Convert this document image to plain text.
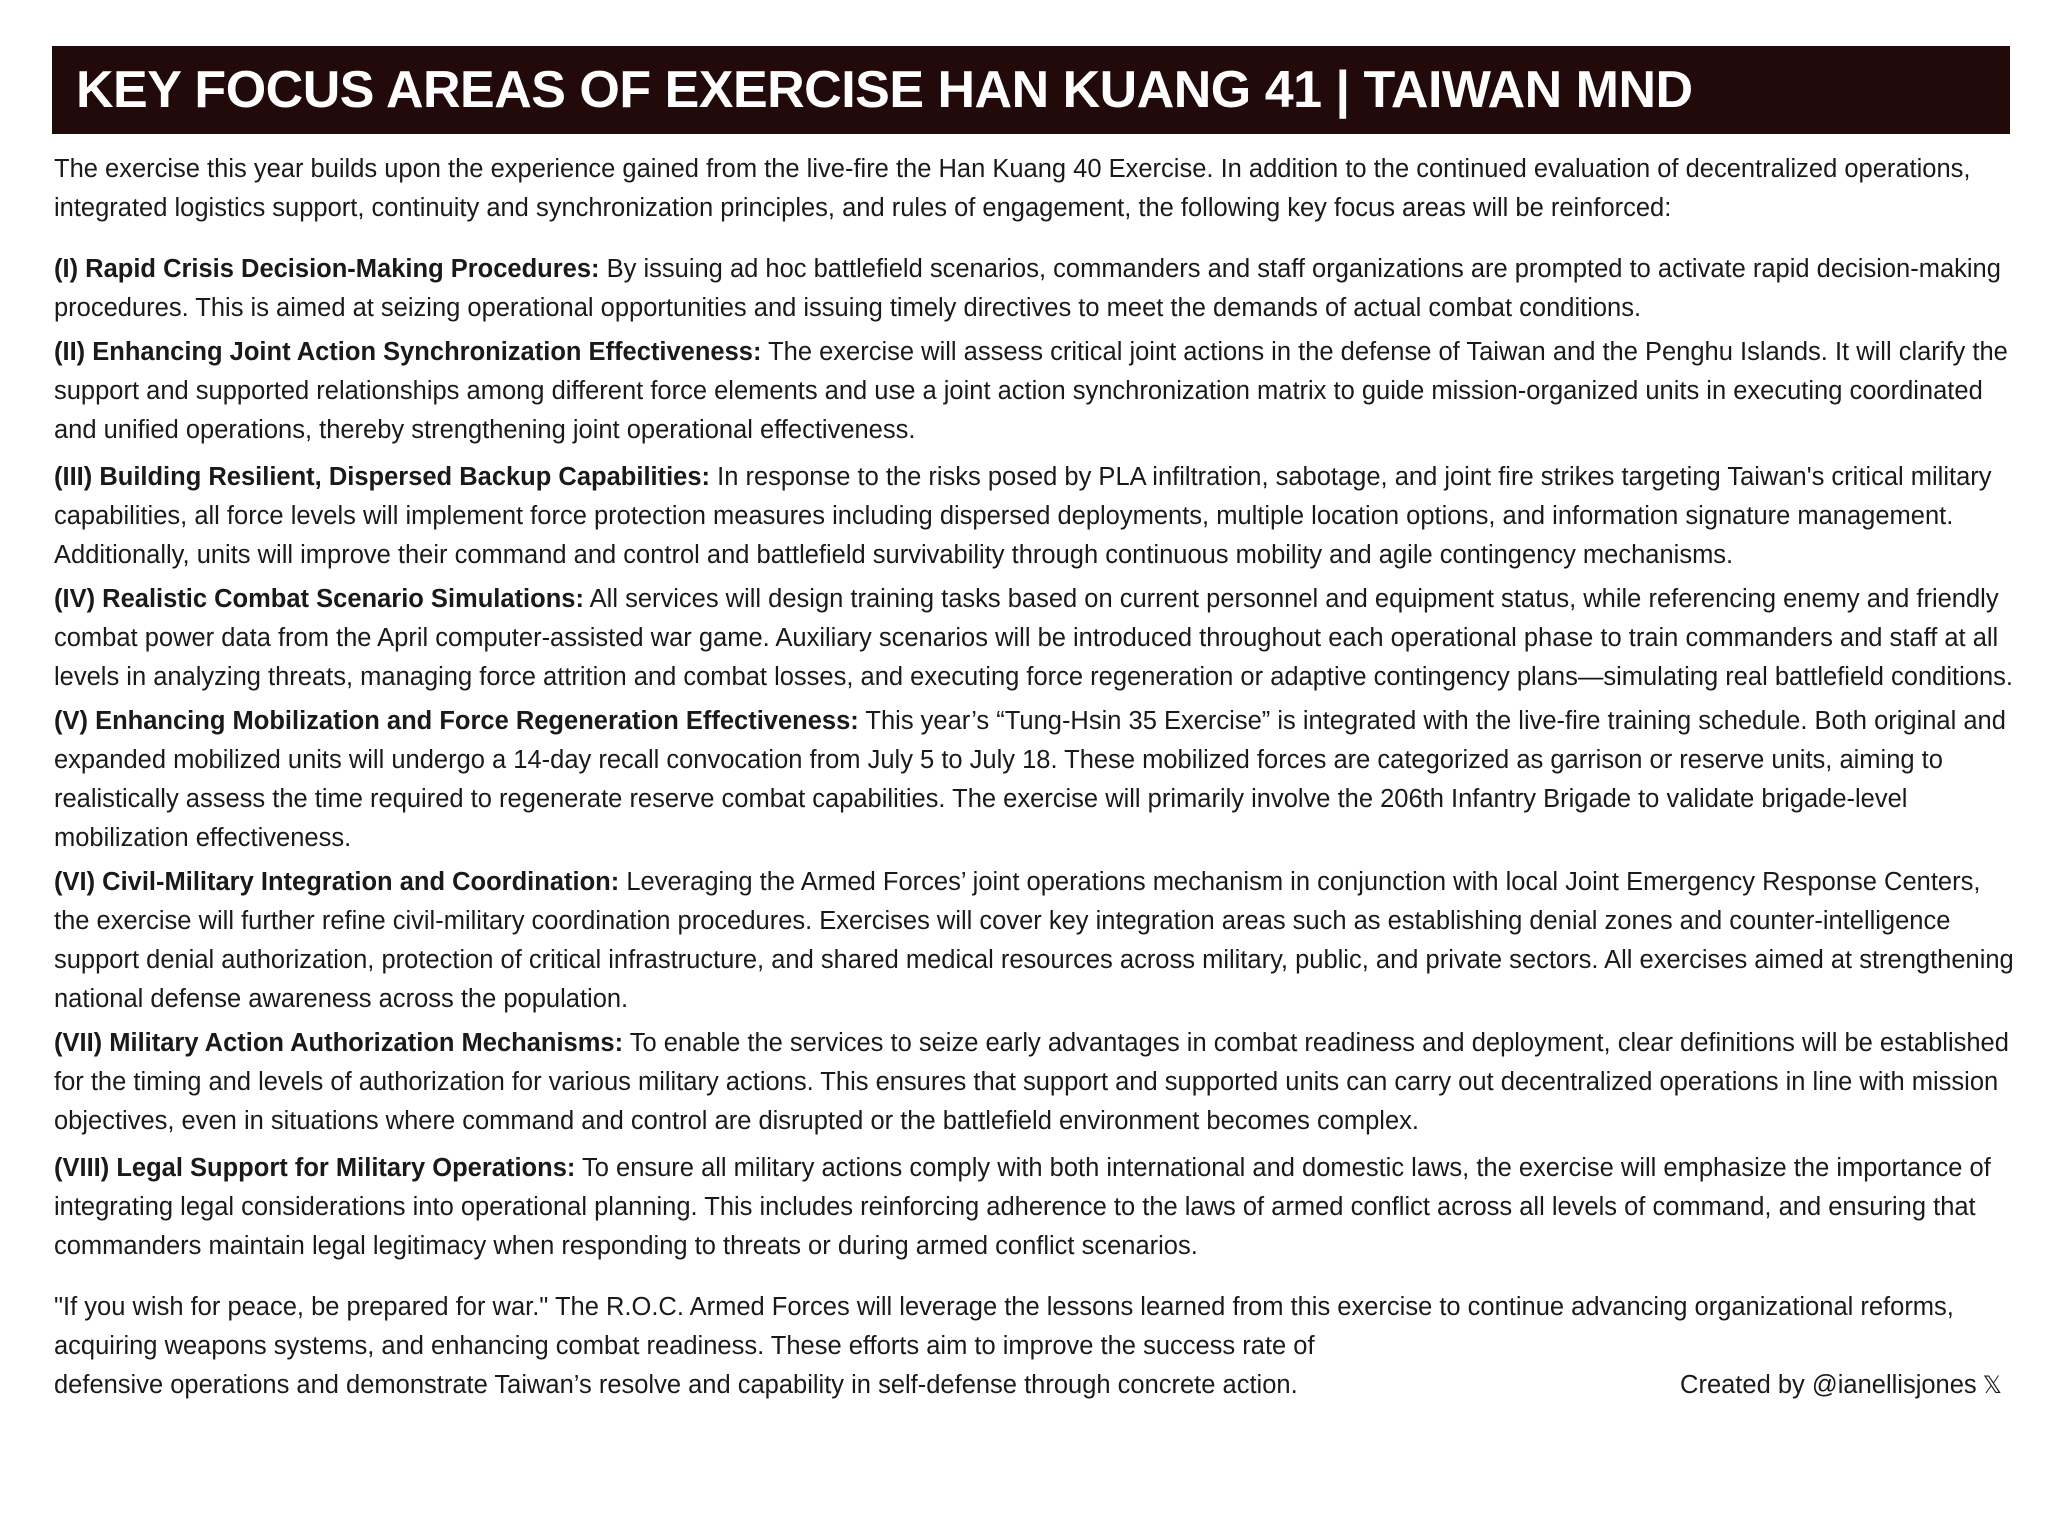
KEY FOCUS AREAS OF EXERCISE HAN KUANG 41 | TAIWAN MND

The exercise this year builds upon the experience gained from the live-fire the Han Kuang 40 Exercise. In addition to the continued evaluation of decentralized operations, integrated logistics support, continuity and synchronization principles, and rules of engagement, the following key focus areas will be reinforced:

(I) Rapid Crisis Decision-Making Procedures: By issuing ad hoc battlefield scenarios, commanders and staff organizations are prompted to activate rapid decision-making procedures. This is aimed at seizing operational opportunities and issuing timely directives to meet the demands of actual combat conditions.

(II) Enhancing Joint Action Synchronization Effectiveness: The exercise will assess critical joint actions in the defense of Taiwan and the Penghu Islands. It will clarify the support and supported relationships among different force elements and use a joint action synchronization matrix to guide mission-organized units in executing coordinated and unified operations, thereby strengthening joint operational effectiveness.

(III) Building Resilient, Dispersed Backup Capabilities: In response to the risks posed by PLA infiltration, sabotage, and joint fire strikes targeting Taiwan's critical military capabilities, all force levels will implement force protection measures including dispersed deployments, multiple location options, and information signature management. Additionally, units will improve their command and control and battlefield survivability through continuous mobility and agile contingency mechanisms.

(IV) Realistic Combat Scenario Simulations: All services will design training tasks based on current personnel and equipment status, while referencing enemy and friendly combat power data from the April computer-assisted war game. Auxiliary scenarios will be introduced throughout each operational phase to train commanders and staff at all levels in analyzing threats, managing force attrition and combat losses, and executing force regeneration or adaptive contingency plans—simulating real battlefield conditions.

(V) Enhancing Mobilization and Force Regeneration Effectiveness: This year’s “Tung-Hsin 35 Exercise” is integrated with the live-fire training schedule. Both original and expanded mobilized units will undergo a 14-day recall convocation from July 5 to July 18. These mobilized forces are categorized as garrison or reserve units, aiming to realistically assess the time required to regenerate reserve combat capabilities. The exercise will primarily involve the 206th Infantry Brigade to validate brigade-level mobilization effectiveness.

(VI) Civil-Military Integration and Coordination: Leveraging the Armed Forces’ joint operations mechanism in conjunction with local Joint Emergency Response Centers, the exercise will further refine civil-military coordination procedures. Exercises will cover key integration areas such as establishing denial zones and counter-intelligence support denial authorization, protection of critical infrastructure, and shared medical resources across military, public, and private sectors. All exercises aimed at strengthening national defense awareness across the population.

(VII) Military Action Authorization Mechanisms: To enable the services to seize early advantages in combat readiness and deployment, clear definitions will be established for the timing and levels of authorization for various military actions. This ensures that support and supported units can carry out decentralized operations in line with mission objectives, even in situations where command and control are disrupted or the battlefield environment becomes complex.

(VIII) Legal Support for Military Operations: To ensure all military actions comply with both international and domestic laws, the exercise will emphasize the importance of integrating legal considerations into operational planning. This includes reinforcing adherence to the laws of armed conflict across all levels of command, and ensuring that commanders maintain legal legitimacy when responding to threats or during armed conflict scenarios.

"If you wish for peace, be prepared for war." The R.O.C. Armed Forces will leverage the lessons learned from this exercise to continue advancing organizational reforms, acquiring weapons systems, and enhancing combat readiness. These efforts aim to improve the success rate of
defensive operations and demonstrate Taiwan’s resolve and capability in self-defense through concrete action.	Created by @ianellisjones 𝕏
